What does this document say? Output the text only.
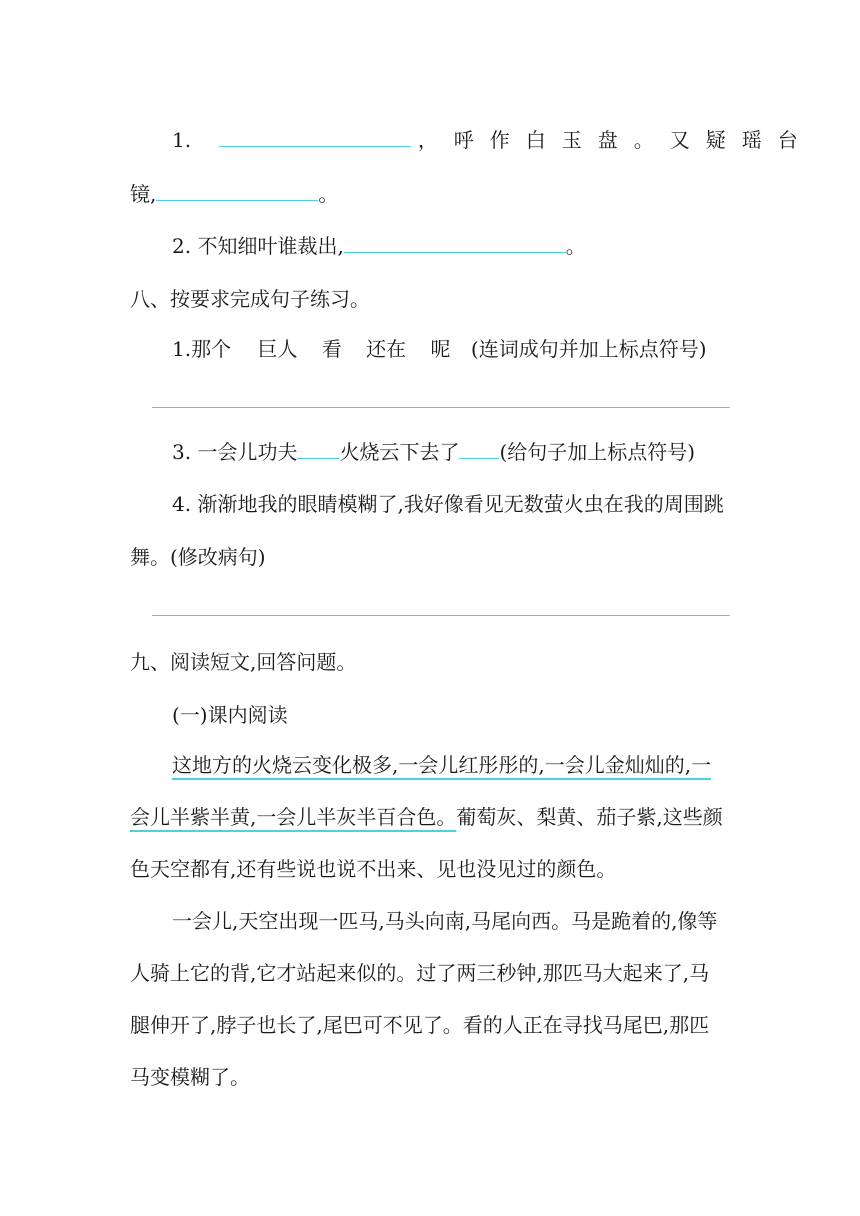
1.	，呼作白玉盘。又疑瑶台
镜,	。
2. 不知细叶谁裁出,	。
八、按要求完成句子练习。
1.那个 巨人 看 还在 呢 (连词成句并加上标点符号)
3. 一会儿功夫 火烧云下去了 (给句子加上标点符号)
4. 渐渐地我的眼睛模糊了,我好像看见无数萤火虫在我的周围跳
舞。(修改病句)
九、阅读短文,回答问题。
(一)课内阅读
这地方的火烧云变化极多,一会儿红彤彤的,一会儿金灿灿的,一
会儿半紫半黄,一会儿半灰半百合色。葡萄灰、梨黄、茄子紫,这些颜
色天空都有,还有些说也说不出来、见也没见过的颜色。
一会儿,天空出现一匹马,马头向南,马尾向西。马是跪着的,像等
人骑上它的背,它才站起来似的。过了两三秒钟,那匹马大起来了,马
腿伸开了,脖子也长了,尾巴可不见了。看的人正在寻找马尾巴,那匹
马变模糊了。
